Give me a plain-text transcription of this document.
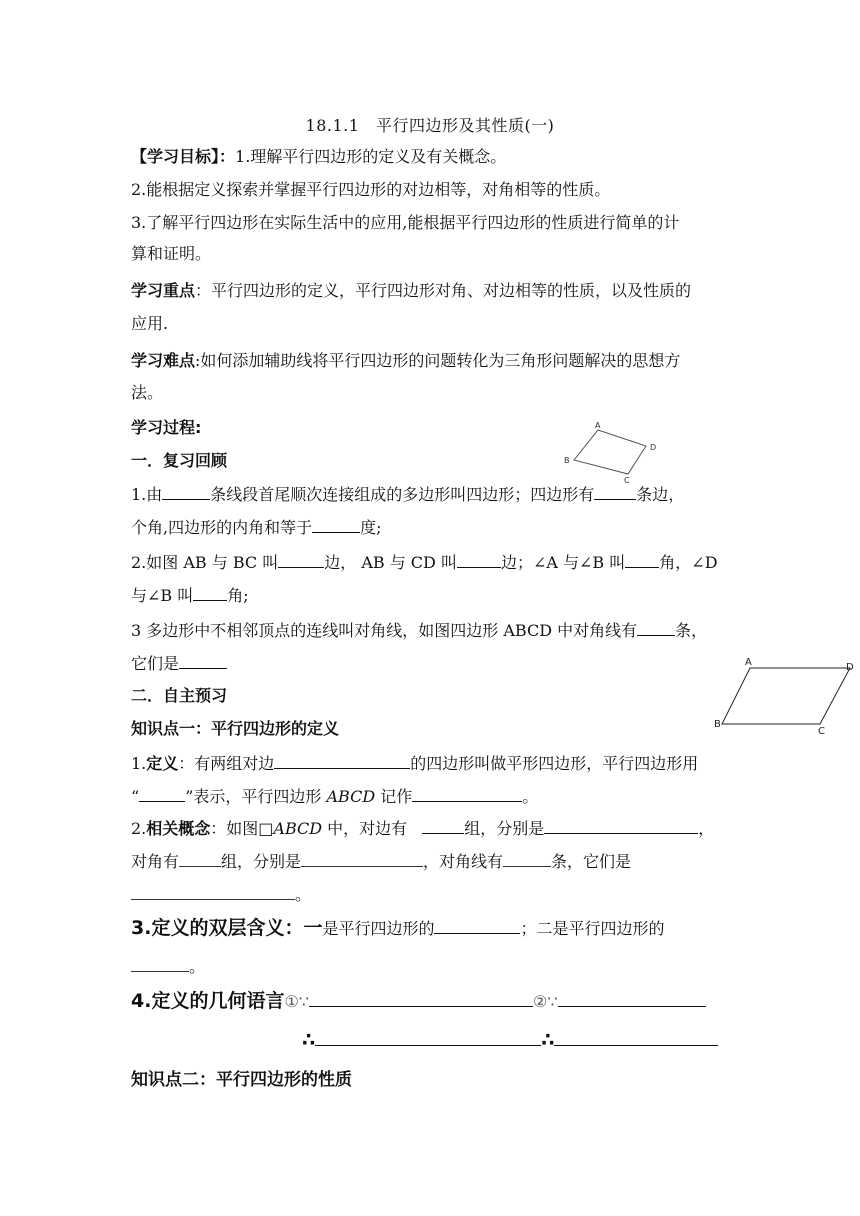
18.1.1　平行四边形及其性质(一)
【学习目标】：1.理解平行四边形的定义及有关概念。
2.能根据定义探索并掌握平行四边形的对边相等，对角相等的性质。
3.了解平行四边形在实际生活中的应用,能根据平行四边形的性质进行简单的计
算和证明。
学习重点：平行四边形的定义，平行四边形对角、对边相等的性质，以及性质的
应用.
学习难点:如何添加辅助线将平行四边形的问题转化为三角形问题解决的思想方
法。
学习过程:	A
D
C
B
一．复习回顾
1.由	条线段首尾顺次连接组成的多边形叫四边形；四边形有	条边，
个角,四边形的内角和等于	度;
2.如图 AB 与 BC 叫	边， AB 与 CD 叫	边；∠A 与∠B 叫 角，∠D
与∠B 叫 角;
3 多边形中不相邻顶点的连线叫对角线，如图四边形 ABCD 中对角线有 条，
它们是	A	D
C
B
二．自主预习
知识点一：平行四边形的定义
1.定义：有两组对边	的四边形叫做平形四边形，平行四边形用
“	”表示，平行四边形 ABCD 记作	。
2.相关概念：如图□ABCD 中，对边有	组，分别是	，
对角有	组，分别是	，对角线有	条，它们是
。
3.定义的双层含义：一是平行四边形的	；二是平行四边形的
。
4.定义的几何语言①∵	②∵
∴	∴
知识点二：平行四边形的性质
